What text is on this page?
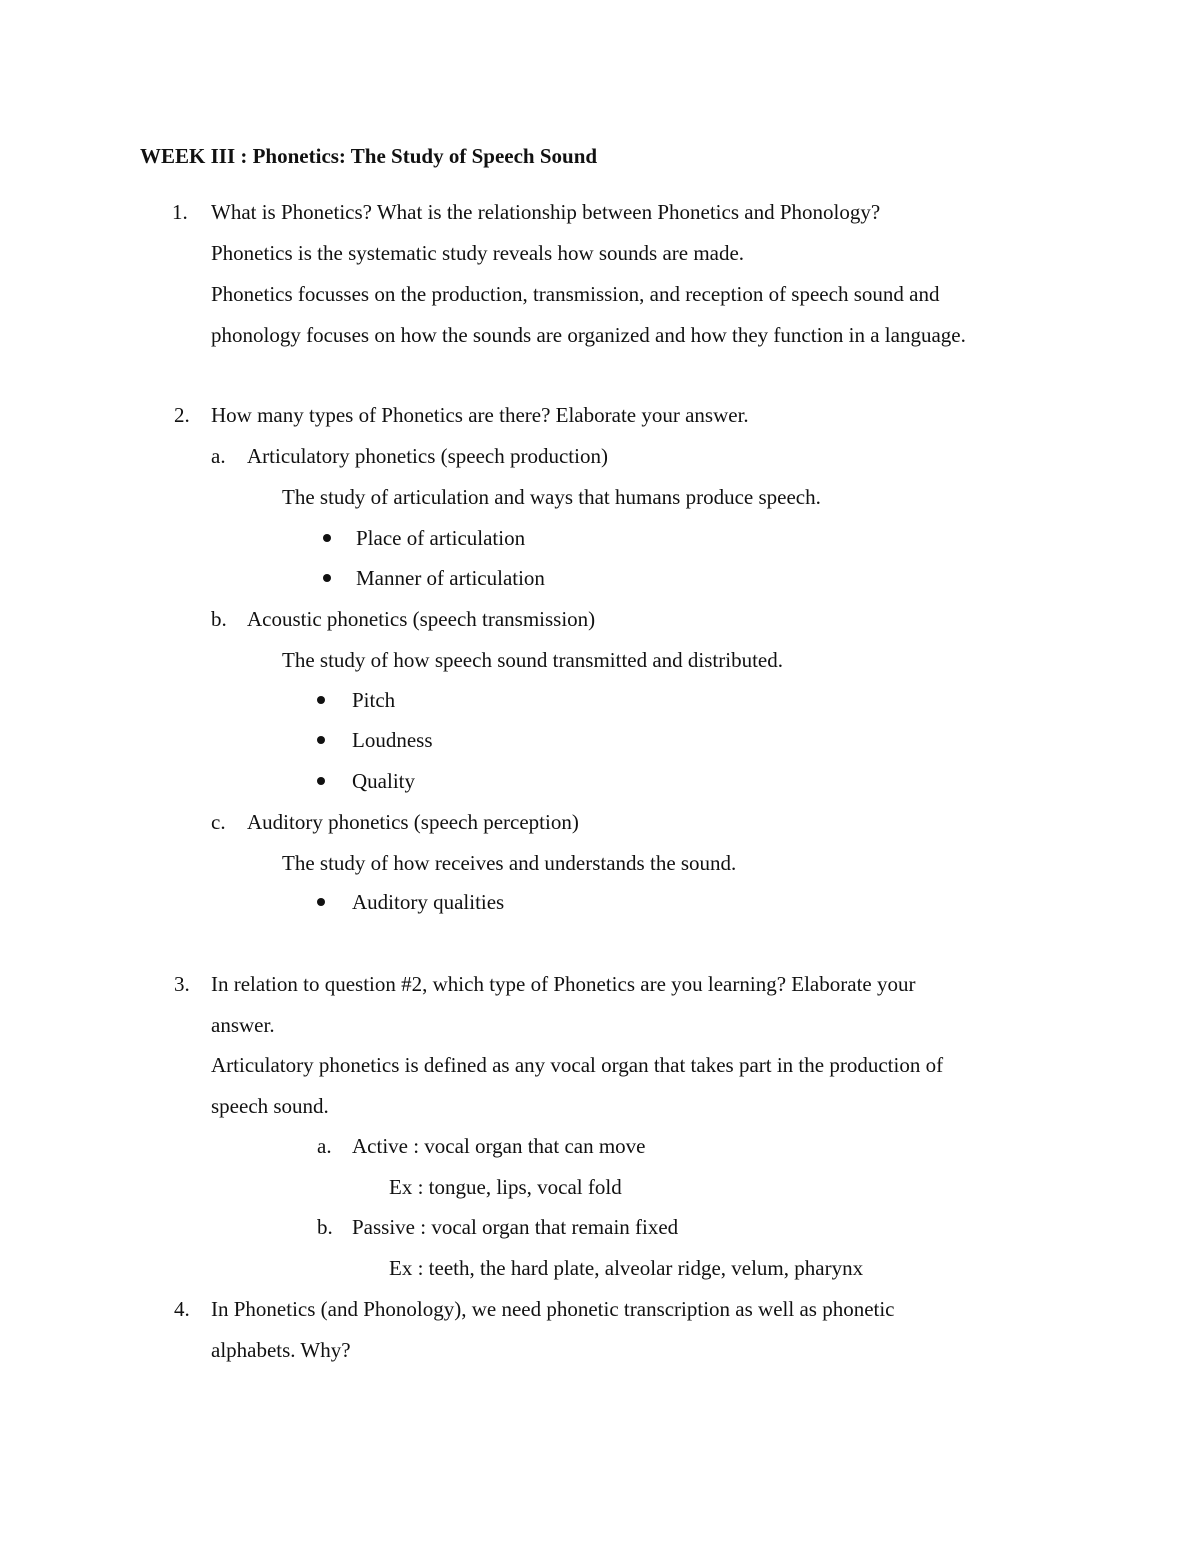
WEEK III : Phonetics: The Study of Speech Sound
1. What is Phonetics? What is the relationship between Phonetics and Phonology?
Phonetics is the systematic study reveals how sounds are made.
Phonetics focusses on the production, transmission, and reception of speech sound and
phonology focuses on how the sounds are organized and how they function in a language.
2. How many types of Phonetics are there? Elaborate your answer.
a. Articulatory phonetics (speech production)
The study of articulation and ways that humans produce speech.
Place of articulation
Manner of articulation
b. Acoustic phonetics (speech transmission)
The study of how speech sound transmitted and distributed.
Pitch
Loudness
Quality
c. Auditory phonetics (speech perception)
The study of how receives and understands the sound.
Auditory qualities
3. In relation to question #2, which type of Phonetics are you learning? Elaborate your
answer.
Articulatory phonetics is defined as any vocal organ that takes part in the production of
speech sound.
a. Active : vocal organ that can move
Ex : tongue, lips, vocal fold
b. Passive : vocal organ that remain fixed
Ex : teeth, the hard plate, alveolar ridge, velum, pharynx
4. In Phonetics (and Phonology), we need phonetic transcription as well as phonetic
alphabets. Why?
